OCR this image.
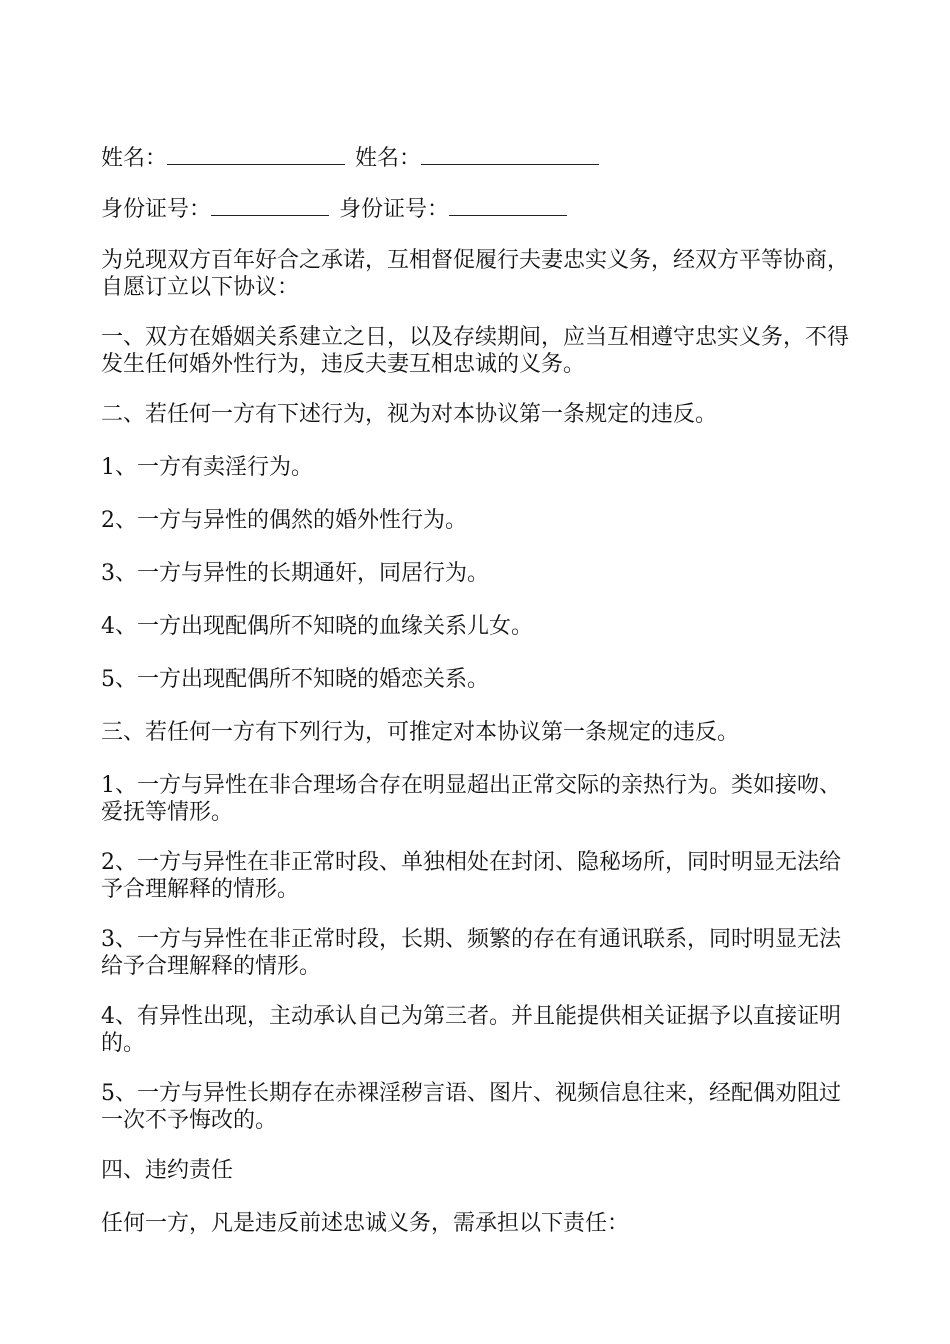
姓名：	姓名：

身份证号：	身份证号：

为兑现双方百年好合之承诺，互相督促履行夫妻忠实义务，经双方平等协商，自愿订立以下协议：

一、双方在婚姻关系建立之日，以及存续期间，应当互相遵守忠实义务，不得发生任何婚外性行为，违反夫妻互相忠诚的义务。

二、若任何一方有下述行为，视为对本协议第一条规定的违反。

1、一方有卖淫行为。

2、一方与异性的偶然的婚外性行为。

3、一方与异性的长期通奸，同居行为。

4、一方出现配偶所不知晓的血缘关系儿女。

5、一方出现配偶所不知晓的婚恋关系。

三、若任何一方有下列行为，可推定对本协议第一条规定的违反。

1、一方与异性在非合理场合存在明显超出正常交际的亲热行为。类如接吻、爱抚等情形。

2、一方与异性在非正常时段、单独相处在封闭、隐秘场所，同时明显无法给予合理解释的情形。

3、一方与异性在非正常时段，长期、频繁的存在有通讯联系，同时明显无法给予合理解释的情形。

4、有异性出现，主动承认自己为第三者。并且能提供相关证据予以直接证明的。

5、一方与异性长期存在赤裸淫秽言语、图片、视频信息往来，经配偶劝阻过一次不予悔改的。

四、违约责任

任何一方，凡是违反前述忠诚义务，需承担以下责任：
